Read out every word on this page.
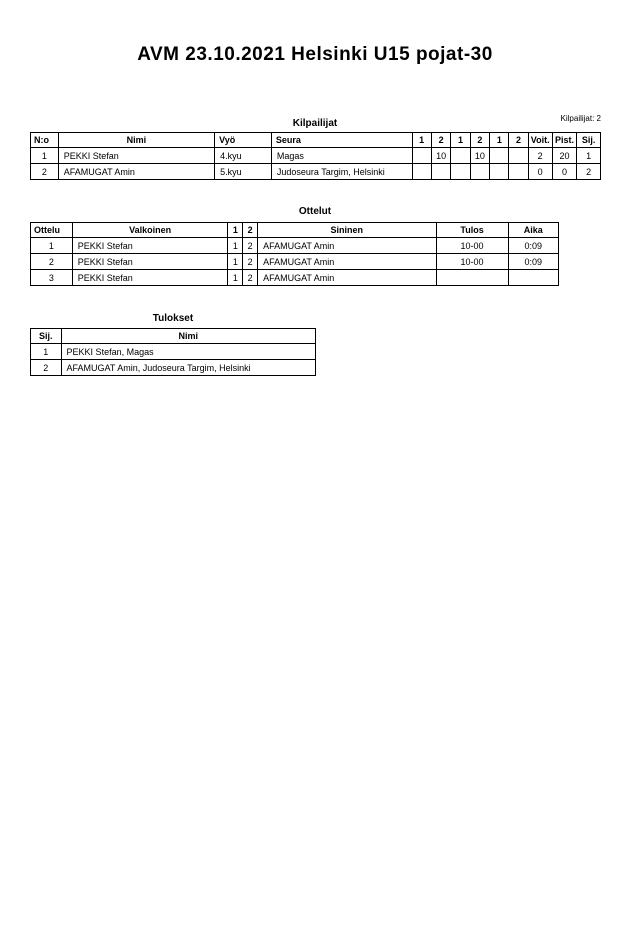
AVM 23.10.2021 Helsinki U15 pojat-30
Kilpailijat	Kilpailijat: 2
N:o	Nimi	Vyö	Seura	1	2	1	2	1	2	Voit.	Pist.	Sij.
1	PEKKI Stefan	4.kyu	Magas		10		10			2	20	1
2	AFAMUGAT Amin	5.kyu	Judoseura Targim, Helsinki							0	0	2
Ottelut
Ottelu	Valkoinen	1	2	Sininen	Tulos	Aika
1	PEKKI Stefan	1	2	AFAMUGAT Amin	10-00	0:09
2	PEKKI Stefan	1	2	AFAMUGAT Amin	10-00	0:09
3	PEKKI Stefan	1	2	AFAMUGAT Amin		
Tulokset
Sij.	Nimi
1	PEKKI Stefan, Magas
2	AFAMUGAT Amin, Judoseura Targim, Helsinki
